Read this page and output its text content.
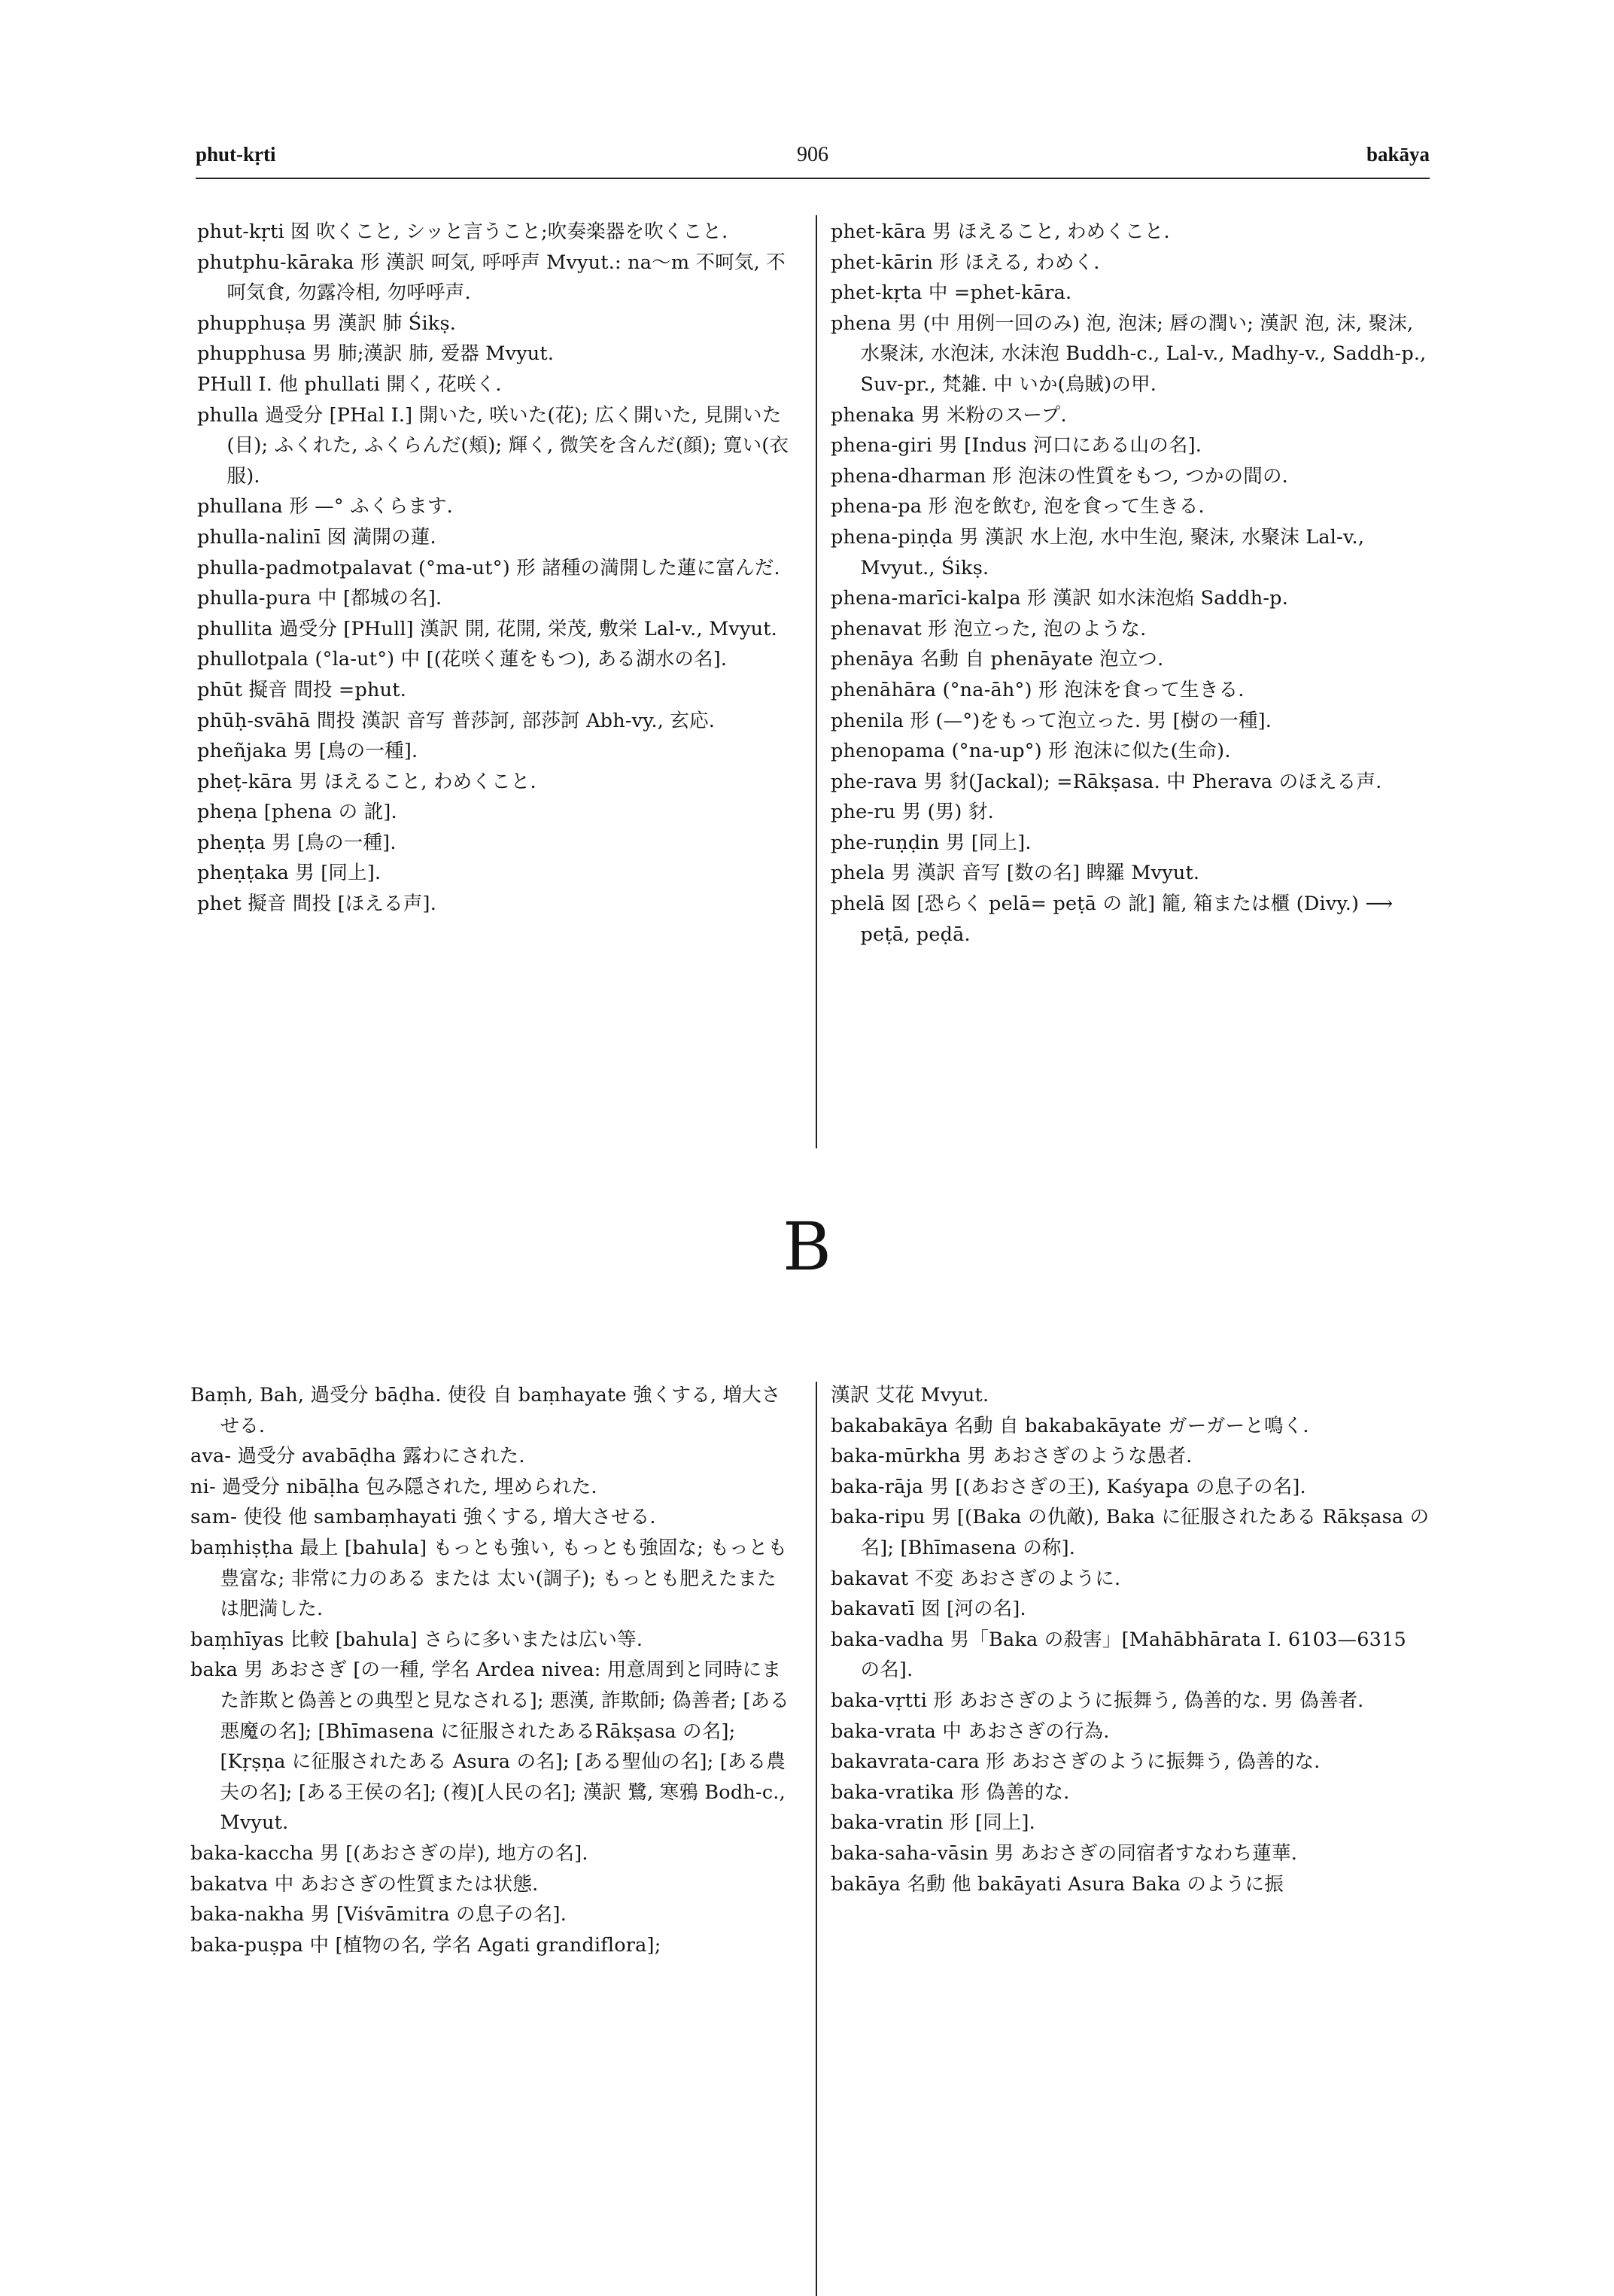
phut-kṛti	906	bakāya

phut-kṛti 囡 吹くこと, シッと言うこと;吹奏楽器を吹くこと.

phutphu-kāraka 形 漢訳 呵気, 呼呼声 Mvyut.: na〜m 不呵気, 不呵気食, 勿露冷相, 勿呼呼声.

phupphuṣa 男 漢訳 肺 Śikṣ.

phupphusa 男 肺;漢訳 肺, 爱器 Mvyut.

PHull I. 他 phullati 開く, 花咲く.

phulla 過受分 [PHal I.] 開いた, 咲いた(花); 広く開いた, 見開いた(目); ふくれた, ふくらんだ(頬); 輝く, 微笑を含んだ(顔); 寛い(衣服).

phullana 形 —° ふくらます.

phulla-nalinī 囡 満開の蓮.

phulla-padmotpalavat (°ma-ut°) 形 諸種の満開した蓮に富んだ.

phulla-pura 中 [都城の名].

phullita 過受分 [PHull] 漢訳 開, 花開, 栄茂, 敷栄 Lal-v., Mvyut.

phullotpala (°la-ut°) 中 [(花咲く蓮をもつ), ある湖水の名].

phūt 擬音 間投 =phut.

phūḥ-svāhā 間投 漢訳 音写 普莎訶, 部莎訶 Abh-vy., 玄応.

pheñjaka 男 [鳥の一種].

pheṭ-kāra 男 ほえること, わめくこと.

pheṇa [phena の 訛].

pheṇṭa 男 [鳥の一種].

pheṇṭaka 男 [同上].

phet 擬音 間投 [ほえる声].

phet-kāra 男 ほえること, わめくこと.

phet-kārin 形 ほえる, わめく.

phet-kṛta 中 =phet-kāra.

phena 男 (中 用例一回のみ) 泡, 泡沫; 唇の潤い; 漢訳 泡, 沫, 聚沫, 水聚沫, 水泡沫, 水沫泡 Buddh-c., Lal-v., Madhy-v., Saddh-p., Suv-pr., 梵雑. 中 いか(烏賊)の甲.

phenaka 男 米粉のスープ.

phena-giri 男 [Indus 河口にある山の名].

phena-dharman 形 泡沫の性質をもつ, つかの間の.

phena-pa 形 泡を飲む, 泡を食って生きる.

phena-piṇḍa 男 漢訳 水上泡, 水中生泡, 聚沫, 水聚沫 Lal-v., Mvyut., Śikṣ.

phena-marīci-kalpa 形 漢訳 如水沫泡焰 Saddh-p.

phenavat 形 泡立った, 泡のような.

phenāya 名動 自 phenāyate 泡立つ.

phenāhāra (°na-āh°) 形 泡沫を食って生きる.

phenila 形 (—°)をもって泡立った. 男 [樹の一種].

phenopama (°na-up°) 形 泡沫に似た(生命).

phe-rava 男 豺(Jackal); =Rākṣasa. 中 Pherava のほえる声.

phe-ru 男 (男) 豺.

phe-ruṇḍin 男 [同上].

phela 男 漢訳 音写 [数の名] 睥羅 Mvyut.

phelā 囡 [恐らく pelā= peṭā の 訛] 籠, 箱または櫃 (Divy.) ⟶ peṭā, peḍā.

B

Baṃh, Bah, 過受分 bāḍha. 使役 自 baṃhayate 強くする, 増大させる.

ava- 過受分 avabāḍha 露わにされた.

ni- 過受分 nibāḷha 包み隠された, 埋められた.

sam- 使役 他 sambaṃhayati 強くする, 増大させる.

baṃhiṣṭha 最上 [bahula] もっとも強い, もっとも強固な; もっとも豊富な; 非常に力のある または 太い(調子); もっとも肥えたまたは肥満した.

baṃhīyas 比較 [bahula] さらに多いまたは広い等.

baka 男 あおさぎ [の一種, 学名 Ardea nivea: 用意周到と同時にまた詐欺と偽善との典型と見なされる]; 悪漢, 詐欺師; 偽善者; [ある悪魔の名]; [Bhīmasena に征服されたあるRākṣasa の名]; [Kṛṣṇa に征服されたある Asura の名]; [ある聖仙の名]; [ある農夫の名]; [ある王侯の名]; (複)[人民の名]; 漢訳 鷺, 寒鴉 Bodh-c., Mvyut.

baka-kaccha 男 [(あおさぎの岸), 地方の名].

bakatva 中 あおさぎの性質または状態.

baka-nakha 男 [Viśvāmitra の息子の名].

baka-puṣpa 中 [植物の名, 学名 Agati grandiflora];

漢訳 艾花 Mvyut.

bakabakāya 名動 自 bakabakāyate ガーガーと鳴く.

baka-mūrkha 男 あおさぎのような愚者.

baka-rāja 男 [(あおさぎの王), Kaśyapa の息子の名].

baka-ripu 男 [(Baka の仇敵), Baka に征服されたある Rākṣasa の名]; [Bhīmasena の称].

bakavat 不変 あおさぎのように.

bakavatī 囡 [河の名].

baka-vadha 男「Baka の殺害」[Mahābhārata I. 6103—6315 の名].

baka-vṛtti 形 あおさぎのように振舞う, 偽善的な. 男 偽善者.

baka-vrata 中 あおさぎの行為.

bakavrata-cara 形 あおさぎのように振舞う, 偽善的な.

baka-vratika 形 偽善的な.

baka-vratin 形 [同上].

baka-saha-vāsin 男 あおさぎの同宿者すなわち蓮華.

bakāya 名動 他 bakāyati Asura Baka のように振
